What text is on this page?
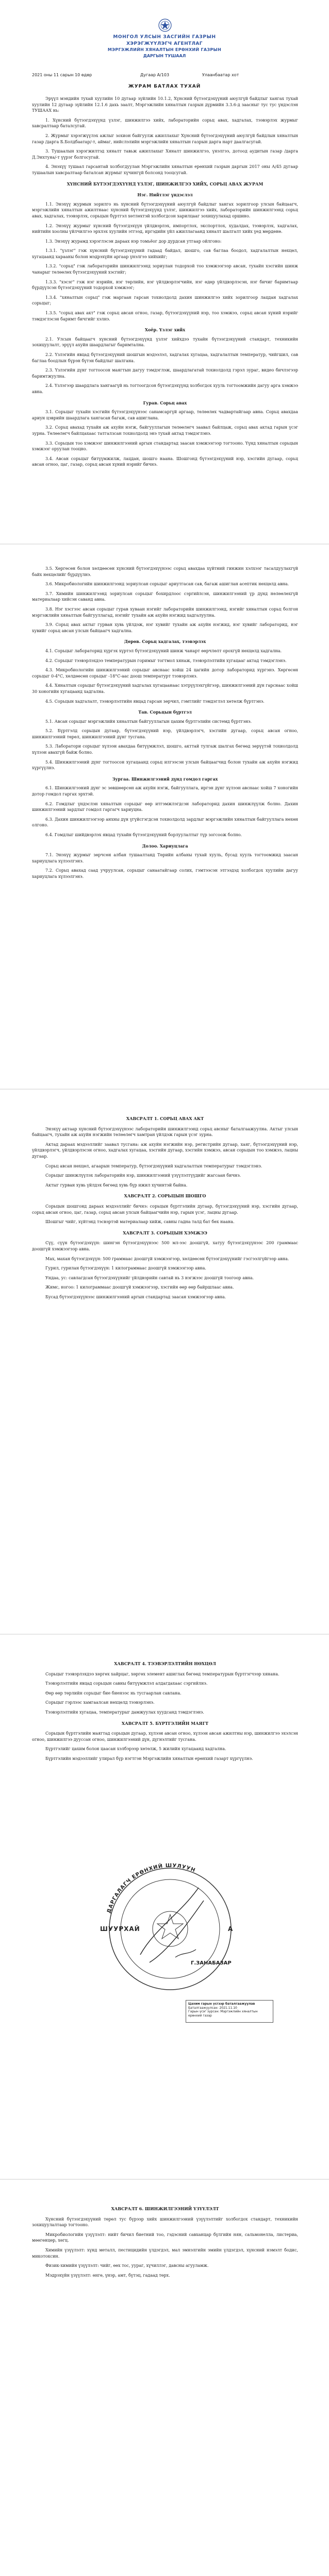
МОНГОЛ УЛСЫН ЗАСГИЙН ГАЗРЫН
ХЭРЭГЖҮҮЛЭГЧ АГЕНТЛАГ
МЭРГЭЖЛИЙН ХЯНАЛТЫН ЕРӨНХИЙ ГАЗРЫН
ДАРГЫН ТУШААЛ
2021 оны 11 сарын 10 өдөр	Дугаар А/103	Улаанбаатар хот
ЖУРАМ БАТЛАХ ТУХАЙ
Эрүүл мэндийн тухай хуулийн 10 дугаар зүйлийн 10.1.2, Хүнсний бүтээгдэхүүний аюулгүй байдлыг хангах тухай хуулийн 12 дугаар зүйлийн 12.1.6 дахь заалт, Мэргэжлийн хяналтын газрын дүрмийн 3.3.6-д заасныг тус тус үндэслэн ТУШААХ нь:
1. Хүнсний бүтээгдэхүүнд үзлэг, шинжилгээ хийх, лабораторийн сорьц авах, хадгалах, тээвэрлэх журмыг хавсралтаар баталсугай.
2. Журмыг хэрэгжүүлэх ажлыг зохион байгуулж ажиллахыг Хүнсний бүтээгдэхүүний аюулгүй байдлын хяналтын газар /дарга Б.Болдбаатар/-т, аймаг, нийслэлийн мэргэжлийн хяналтын газрын дарга нарт даалгасугай.
3. Тушаалын хэрэгжилтэд хяналт тавьж ажиллахыг Хяналт шинжилгээ, үнэлгээ, дотоод аудитын газар /дарга Д.Энхтуяа/-т үүрэг болгосугай.
4. Энэхүү тушаал гарсантай холбогдуулан Мэргэжлийн хяналтын ерөнхий газрын даргын 2017 оны А/45 дугаар тушаалын хавсралтаар баталсан журмыг хүчингүй болсонд тооцсугай.
ХҮНСНИЙ БҮТЭЭГДЭХҮҮНД ҮЗЛЭГ, ШИНЖИЛГЭЭ ХИЙХ, СОРЬЦ АВАХ ЖУРАМ
Нэг. Нийтлэг үндэслэл
1.1. Энэхүү журмын зорилго нь хүнсний бүтээгдэхүүний аюулгүй байдлыг хангах зорилгоор улсын байцаагч, мэргэжлийн хяналтын ажилтнаас хүнсний бүтээгдэхүүнд үзлэг, шинжилгээ хийх, лабораторийн шинжилгээнд сорьц авах, хадгалах, тээвэрлэх, сорьцын бүртгэл хөтлөхтэй холбогдсон харилцааг зохицуулахад оршино.
1.2. Энэхүү журмыг хүнсний бүтээгдэхүүн үйлдвэрлэх, импортлох, экспортлох, худалдах, тээвэрлэх, хадгалах, нийтийн хоолны үйлчилгээ эрхлэх хуулийн этгээд, иргэдийн үйл ажиллагаанд хяналт шалгалт хийх үед мөрдөнө.
1.3. Энэхүү журамд хэрэглэсэн дараах нэр томьёог дор дурдсан утгаар ойлгоно:
1.3.1. "үзлэг" гэж хүнсний бүтээгдэхүүний гадаад байдал, шошго, сав баглаа боодол, хадгалалтын нөхцөл, хугацаанд харааны болон мэдрэхүйн аргаар үнэлгээ хийхийг;
1.3.2. "сорьц" гэж лабораторийн шинжилгээнд зориулан тодорхой тоо хэмжээгээр авсан, тухайн хэсгийн шинж чанарыг төлөөлөх бүтээгдэхүүний хэсгийг;
1.3.3. "хэсэг" гэж нэг нэрийн, нэг төрлийн, нэг үйлдвэрлэгчийн, нэг өдөр үйлдвэрлэсэн, нэг бичиг баримтаар бүрдүүлсэн бүтээгдэхүүний тодорхой хэмжээг;
1.3.4. "хяналтын сорьц" гэж маргаан гарсан тохиолдолд дахин шинжилгээ хийх зорилгоор лацдан хадгалах сорьцыг;
1.3.5. "сорьц авах акт" гэж сорьц авсан огноо, газар, бүтээгдэхүүний нэр, тоо хэмжээ, сорьц авсан хүний нэрийг тэмдэглэсэн баримт бичгийг хэлнэ.
Хоёр. Үзлэг хийх
2.1. Улсын байцаагч хүнсний бүтээгдэхүүнд үзлэг хийхдээ тухайн бүтээгдэхүүний стандарт, техникийн зохицуулалт, эрүүл ахуйн шаардлагыг баримтална.
2.2. Үзлэгийн явцад бүтээгдэхүүний шошгын мэдээлэл, хадгалах хугацаа, хадгалалтын температур, чийгшил, сав баглаа боодлын бүрэн бүтэн байдлыг шалгана.
2.3. Үзлэгийн дүнг тогтоосон маягтын дагуу тэмдэглэж, шаардлагатай тохиолдолд гэрэл зураг, видео бичлэгээр баримтжуулна.
2.4. Үзлэгээр шаардлага хангаагүй нь тогтоогдсон бүтээгдэхүүнд холбогдох хууль тогтоомжийн дагуу арга хэмжээ авна.
Гурав. Сорьц авах
3.1. Сорьцыг тухайн хэсгийн бүтээгдэхүүнээс санамсаргүй аргаар, төлөөлөх чадвартайгаар авна. Сорьц авахдаа ариун цэврийн шаардлага хангасан багаж, сав ашиглана.
3.2. Сорьц авахад тухайн аж ахуйн нэгж, байгууллагын төлөөлөгч заавал байлцаж, сорьц авах актад гарын үсэг зурна. Төлөөлөгч байлцахаас татгалзсан тохиолдолд энэ тухай актад тэмдэглэнэ.
3.3. Сорьцын тоо хэмжээг шинжилгээний аргын стандартад заасан хэмжээгээр тогтооно. Үүнд хяналтын сорьцын хэмжээг оруулан тооцно.
3.4. Авсан сорьцыг битүүмжилж, лацдан, шошго наана. Шошгонд бүтээгдэхүүний нэр, хэсгийн дугаар, сорьц авсан огноо, цаг, газар, сорьц авсан хүний нэрийг бичнэ.
3.5. Хөргөсөн болон хөлдөөсөн хүнсний бүтээгдэхүүнээс сорьц авахдаа хүйтний гинжин хэлхээг тасалдуулахгүй байх нөхцөлийг бүрдүүлнэ.
3.6. Микробиологийн шинжилгээнд зориулсан сорьцыг ариутгасан сав, багаж ашиглан асептик нөхцөлд авна.
3.7. Химийн шинжилгээнд зориулсан сорьцыг бохирдлоос сэргийлсэн, шинжилгээний үр дүнд нөлөөлөхгүй материалаар хийсэн саванд авна.
3.8. Нэг хэсгээс авсан сорьцыг гурав хуваан нэгийг лабораторийн шинжилгээнд, нэгийг хяналтын сорьц болгон мэргэжлийн хяналтын байгууллагад, нэгийг тухайн аж ахуйн нэгжид хадгалуулна.
3.9. Сорьц авах актыг гурван хувь үйлдэж, нэг хувийг тухайн аж ахуйн нэгжид, нэг хувийг лабораторид, нэг хувийг сорьц авсан улсын байцаагч хадгална.
Дөрөв. Сорьц хадгалах, тээвэрлэх
4.1. Сорьцыг лабораторид хүргэх хүртэл бүтээгдэхүүний шинж чанарт өөрчлөлт орохгүй нөхцөлд хадгална.
4.2. Сорьцыг тээвэрлэхдээ температурын горимыг тогтмол хянаж, тээвэрлэлтийн хугацааг актад тэмдэглэнэ.
4.3. Микробиологийн шинжилгээний сорьцыг авснаас хойш 24 цагийн дотор лабораторид хүргэнэ. Хөргөсөн сорьцыг 0-4°С, хөлдөөсөн сорьцыг -18°С-аас доош температурт тээвэрлэнэ.
4.4. Хяналтын сорьцыг бүтээгдэхүүний хадгалах хугацаанаас хэтрүүлэхгүйгээр, шинжилгээний дүн гарснаас хойш 30 хоногийн хугацаанд хадгална.
4.5. Сорьцын хадгалалт, тээвэрлэлтийн явцад гарсан зөрчил, гэмтлийг тэмдэглэл хөтөлж бүртгэнэ.
Тав. Сорьцын бүртгэл
5.1. Авсан сорьцыг мэргэжлийн хяналтын байгууллагын цахим бүртгэлийн системд бүртгэнэ.
5.2. Бүртгэлд сорьцын дугаар, бүтээгдэхүүний нэр, үйлдвэрлэгч, хэсгийн дугаар, сорьц авсан огноо, шинжилгээний төрөл, шинжилгээний дүнг тусгана.
5.3. Лаборатори сорьцыг хүлээн авахдаа битүүмжлэл, шошго, акттай тулгаж шалгах бөгөөд зөрүүтэй тохиолдолд хүлээн авахгүй байж болно.
5.4. Шинжилгээний дүнг тогтоосон хугацаанд сорьц илгээсэн улсын байцаагчид болон тухайн аж ахуйн нэгжид хүргүүлнэ.
Зургаа. Шинжилгээний дүнд гомдол гаргах
6.1. Шинжилгээний дүнг эс зөвшөөрсөн аж ахуйн нэгж, байгууллага, иргэн дүнг хүлээн авснаас хойш 7 хоногийн дотор гомдол гаргах эрхтэй.
6.2. Гомдлыг үндэслэн хяналтын сорьцыг өөр итгэмжлэгдсэн лабораторид дахин шинжлүүлж болно. Дахин шинжилгээний зардлыг гомдол гаргагч хариуцна.
6.3. Дахин шинжилгээгээр анхны дүн үгүйсгэгдсэн тохиолдолд зардлыг мэргэжлийн хяналтын байгууллага нөхөн олгоно.
6.4. Гомдлыг шийдвэрлэх явцад тухайн бүтээгдэхүүний борлуулалтыг түр зогсоож болно.
Долоо. Хариуцлага
7.1. Энэхүү журмыг зөрчсөн албан тушаалтанд Төрийн албаны тухай хууль, бусад хууль тогтоомжид заасан хариуцлага хүлээлгэнэ.
7.2. Сорьц авахад саад учруулсан, сорьцыг санаатайгаар солих, гэмтээсэн этгээдэд холбогдох хуулийн дагуу хариуцлага хүлээлгэнэ.
ХАВСРАЛТ 1. СОРЬЦ АВАХ АКТ
Энэхүү актаар хүнсний бүтээгдэхүүнээс лабораторийн шинжилгээнд сорьц авсныг баталгаажуулна. Актыг улсын байцаагч, тухайн аж ахуйн нэгжийн төлөөлөгч хамтран үйлдэж гарын үсэг зурна.
Актад дараах мэдээллийг заавал тусгана: аж ахуйн нэгжийн нэр, регистрийн дугаар, хаяг, бүтээгдэхүүний нэр, үйлдвэрлэгч, үйлдвэрлэсэн огноо, хадгалах хугацаа, хэсгийн дугаар, хэсгийн хэмжээ, авсан сорьцын тоо хэмжээ, лацны дугаар.
Сорьц авсан нөхцөл, агаарын температур, бүтээгдэхүүний хадгалалтын температурыг тэмдэглэнэ.
Сорьцыг шинжлүүлэх лабораторийн нэр, шинжилгээний үзүүлэлтүүдийг жагсаан бичнэ.
Актыг гурван хувь үйлдэх бөгөөд хувь бүр ижил хүчинтэй байна.
ХАВСРАЛТ 2. СОРЬЦЫН ШОШГО
Сорьцын шошгонд дараах мэдээллийг бичнэ: сорьцын бүртгэлийн дугаар, бүтээгдэхүүний нэр, хэсгийн дугаар, сорьц авсан огноо, цаг, газар, сорьц авсан улсын байцаагчийн нэр, гарын үсэг, лацны дугаар.
Шошгыг чийг, хүйтэнд тэсвэртэй материалаар хийж, савны гадна талд бат бөх наана.
ХАВСРАЛТ 3. СОРЬЦЫН ХЭМЖЭЭ
Сүү, сүүн бүтээгдэхүүн: шингэн бүтээгдэхүүнээс 500 мл-ээс доошгүй, хатуу бүтээгдэхүүнээс 200 граммаас доошгүй хэмжээгээр авна.
Мах, махан бүтээгдэхүүн: 500 граммаас доошгүй хэмжээгээр, хөлдөөсөн бүтээгдэхүүнийг гэсгээлгүйгээр авна.
Гурил, гурилан бүтээгдэхүүн: 1 килограммаас доошгүй хэмжээгээр авна.
Ундаа, ус: савлагдсан бүтээгдэхүүнийг үйлдвэрийн савтай нь 3 нэгжээс доошгүй тоогоор авна.
Жимс, ногоо: 1 килограммаас доошгүй хэмжээгээр, хэсгийн өөр өөр байршлаас авна.
Бусад бүтээгдэхүүнээс шинжилгээний аргын стандартад заасан хэмжээгээр авна.
ХАВСРАЛТ 4. ТЭЭВЭРЛЭЛТИЙН НӨХЦӨЛ
Сорьцыг тээвэрлэхдээ хөргөх хайрцаг, хөргөх элемент ашиглах бөгөөд температурын бүртгэгчээр хянана.
Тээвэрлэлтийн явцад сорьцын савны битүүмжлэл алдагдахаас сэргийлнэ.
Өөр өөр төрлийн сорьцыг бие биенээс нь тусгаарлан савлана.
Сорьцыг гэрлээс хамгаалсан нөхцөлд тээвэрлэнэ.
Тээвэрлэлтийн хугацаа, температурыг дамжуулах хуудсанд тэмдэглэнэ.
ХАВСРАЛТ 5. БҮРТГЭЛИЙН МАЯГТ
Сорьцын бүртгэлийн маягтад сорьцын дугаар, хүлээн авсан огноо, хүлээн авсан ажилтны нэр, шинжилгээ эхэлсэн огноо, шинжилгээ дууссан огноо, шинжилгээний дүн, дүгнэлтийг тусгана.
Бүртгэлийг цахим болон цаасан хэлбэрээр хөтөлж, 5 жилийн хугацаанд хадгална.
Бүртгэлийн мэдээллийг улирал бүр нэгтгэн Мэргэжлийн хяналтын ерөнхий газарт хүргүүлнэ.
ДАРГАЛАГЧ ЕРӨНХИЙ ШУЛУУН
ШУУРХАЙ	А
Г.ЗАНАБАЗАР
Цахим гарын үсгээр баталгаажуулав
Баталгаажуулсан: 2021.11.10
Гарын үсэг зурсан: Мэргэжлийн хяналтын ерөнхий газар
ХАВСРАЛТ 6. ШИНЖИЛГЭЭНИЙ ҮЗҮҮЛЭЛТ
Хүнсний бүтээгдэхүүний төрөл тус бүрээр хийх шинжилгээний үзүүлэлтийг холбогдох стандарт, техникийн зохицуулалтаар тогтооно.
Микробиологийн үзүүлэлт: нийт бичил биетний тоо, гэдэсний савханцар бүлгийн нян, сальмонелла, листериа, мөөгөнцөр, хөгц.
Химийн үзүүлэлт: хүнд металл, пестицидийн үлдэгдэл, мал эмнэлгийн эмийн үлдэгдэл, хүнсний нэмэлт бодис, микотоксин.
Физик-химийн үзүүлэлт: чийг, өөх тос, уураг, хүчиллэг, давсны агууламж.
Мэдрэхүйн үзүүлэлт: өнгө, үнэр, амт, бүтэц, гадаад төрх.
